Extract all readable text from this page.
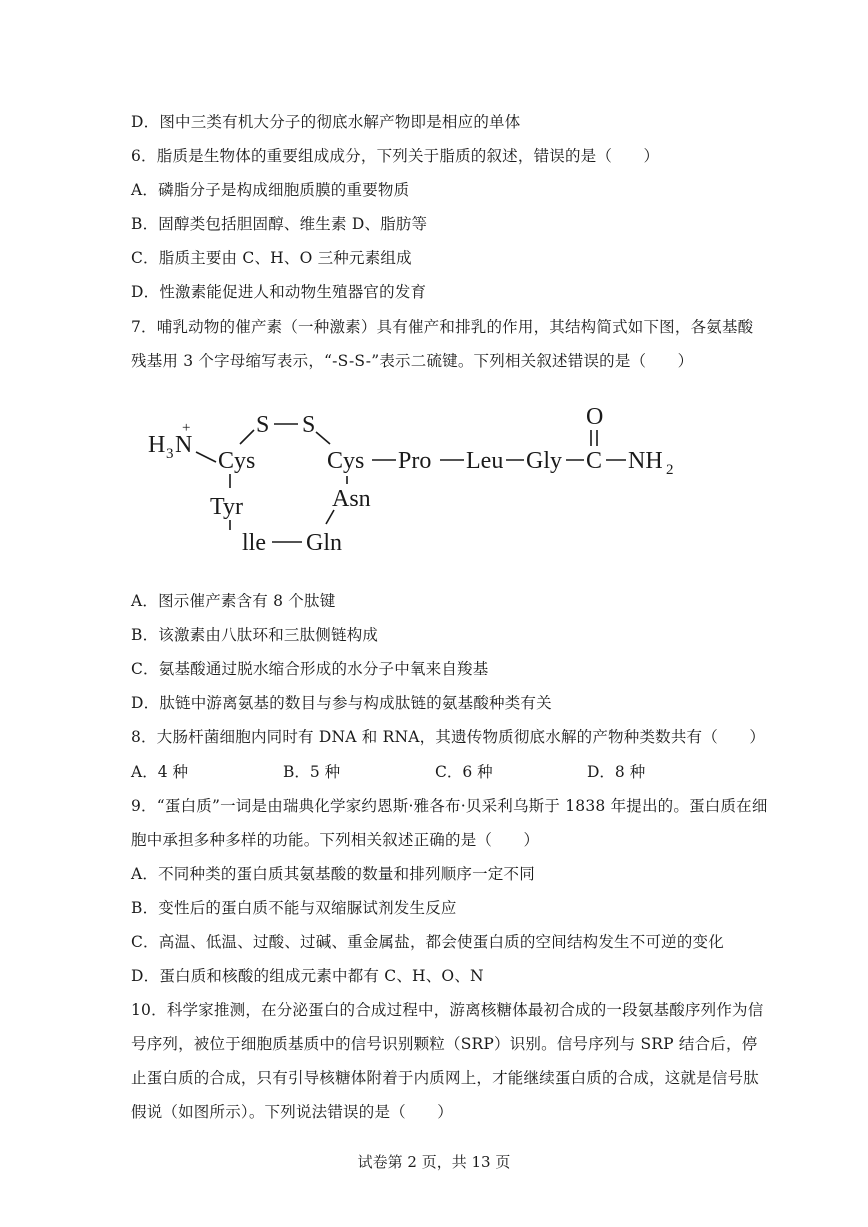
D．图中三类有机大分子的彻底水解产物即是相应的单体
6．脂质是生物体的重要组成成分，下列关于脂质的叙述，错误的是（　　）
A．磷脂分子是构成细胞质膜的重要物质
B．固醇类包括胆固醇、维生素 D、脂肪等
C．脂质主要由 C、H、O 三种元素组成
D．性激素能促进人和动物生殖器官的发育
7．哺乳动物的催产素（一种激素）具有催产和排乳的作用，其结构简式如下图，各氨基酸
残基用 3 个字母缩写表示，“-S-S-”表示二硫键。下列相关叙述错误的是（　　）
H 3 N
+
Cys
S S
Cys Pro Leu Gly C
O
NH 2
Tyr
lle Gln
Asn
A．图示催产素含有 8 个肽键
B．该激素由八肽环和三肽侧链构成
C．氨基酸通过脱水缩合形成的水分子中氧来自羧基
D．肽链中游离氨基的数目与参与构成肽链的氨基酸种类有关
8．大肠杆菌细胞内同时有 DNA 和 RNA，其遗传物质彻底水解的产物种类数共有（　　）
A．4 种	B．5 种	C．6 种	D．8 种
9．“蛋白质”一词是由瑞典化学家约恩斯·雅各布·贝采利乌斯于 1838 年提出的。蛋白质在细
胞中承担多种多样的功能。下列相关叙述正确的是（　　）
A．不同种类的蛋白质其氨基酸的数量和排列顺序一定不同
B．变性后的蛋白质不能与双缩脲试剂发生反应
C．高温、低温、过酸、过碱、重金属盐，都会使蛋白质的空间结构发生不可逆的变化
D．蛋白质和核酸的组成元素中都有 C、H、O、N
10．科学家推测，在分泌蛋白的合成过程中，游离核糖体最初合成的一段氨基酸序列作为信
号序列，被位于细胞质基质中的信号识别颗粒（SRP）识别。信号序列与 SRP 结合后，停
止蛋白质的合成，只有引导核糖体附着于内质网上，才能继续蛋白质的合成，这就是信号肽
假说（如图所示）。下列说法错误的是（　　）
试卷第 2 页，共 13 页
